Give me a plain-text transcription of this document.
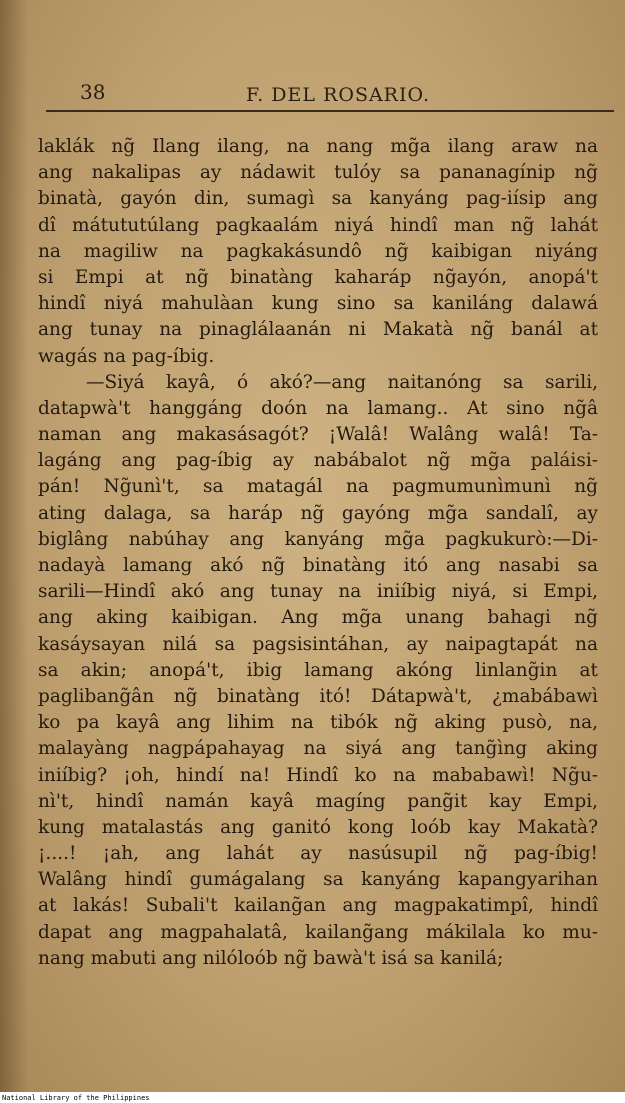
38	F. DEL ROSARIO.
laklák ng̃ Ilang ilang, na nang mg̃a ilang araw na
ang nakalipas ay nádawit tulóy sa pananagínip ng̃
binatà, gayón din, sumagì sa kanyáng pag-iísip ang
dî mátututúlang pagkaalám niyá hindî man ng̃ lahát
na magiliw na pagkakásundô ng̃ kaibigan niyáng
si Empi at ng̃ binatàng kaharáp ng̃ayón, anopá't
hindî niyá mahulàan kung sino sa kaniláng dalawá
ang tunay na pinaglálaanán ni Makatà ng̃ banál at
wagás na pag-íbig.
—Siyá kayâ, ó akó?—ang naitanóng sa sarili,
datapwà't hanggáng doón na lamang.. At sino ng̃â
naman ang makasásagót? ¡Walâ! Walâng walâ! Ta-
lagáng ang pag-íbig ay nabábalot ng̃ mg̃a paláisi-
pán! Ng̃unì't, sa matagál na pagmumunìmunì ng̃
ating dalaga, sa haráp ng̃ gayóng mg̃a sandalî, ay
biglâng nabúhay ang kanyáng mg̃a pagkukurò:—Di-
nadayà lamang akó ng̃ binatàng itó ang nasabi sa
sarili—Hindî akó ang tunay na iniíbig niyá, si Empi,
ang aking kaibigan. Ang mg̃a unang bahagi ng̃
kasáysayan nilá sa pagsisintáhan, ay naipagtapát na
sa akin; anopá't, ibig lamang akóng linlang̃in at
paglibang̃ân ng̃ binatàng itó! Dátapwà't, ¿mabábawì
ko pa kayâ ang lihim na tibók ng̃ aking pusò, na,
malayàng nagpápahayag na siyá ang tang̃ìng aking
iniíbig? ¡oh, hindí na! Hindî ko na mababawì! Ng̃u-
nì't, hindî namán kayâ magíng pang̃it kay Empi,
kung matalastás ang ganitó kong loób kay Makatà?
¡....! ¡ah, ang lahát ay nasúsupil ng̃ pag-íbig!
Walâng hindî gumágalang sa kanyáng kapangyarihan
at lakás! Subali't kailang̃an ang magpakatimpî, hindî
dapat ang magpahalatâ, kailang̃ang mákilala ko mu-
nang mabuti ang nilóloób ng̃ bawà't isá sa kanilá;
National Library of the Philippines
